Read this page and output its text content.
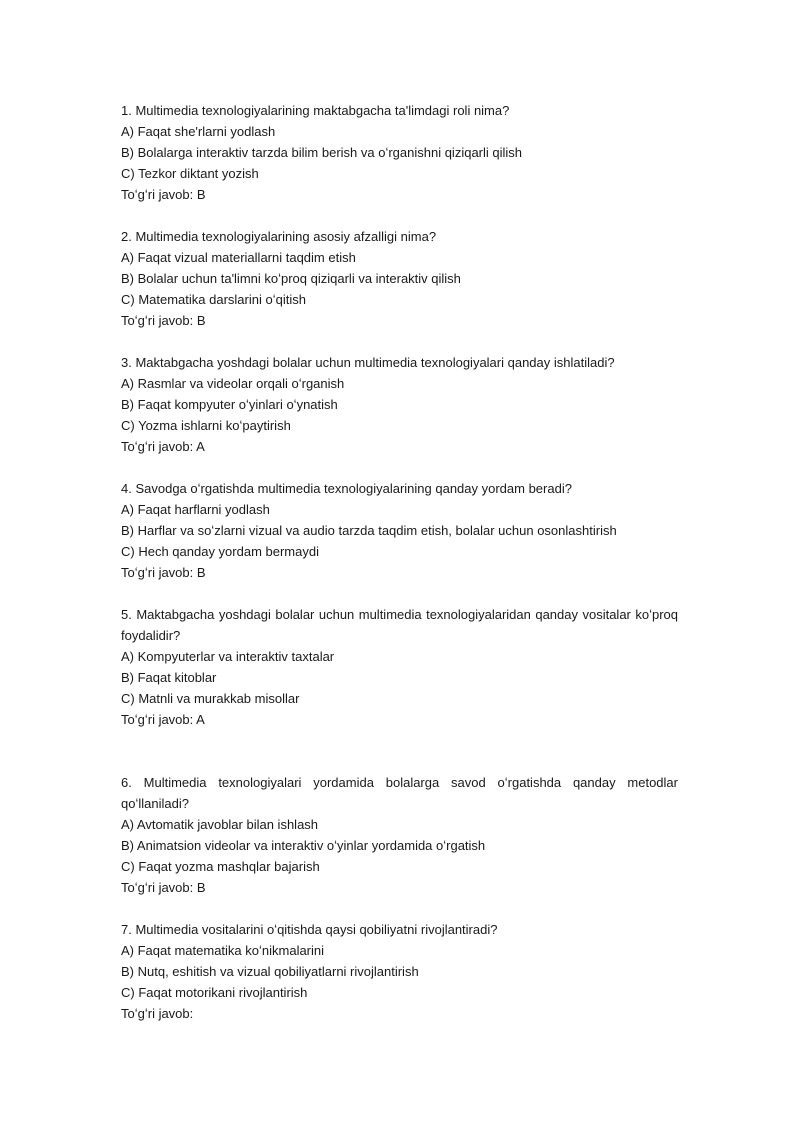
1. Multimedia texnologiyalarining maktabgacha ta'limdagi roli nima?
A) Faqat she'rlarni yodlash
B) Bolalarga interaktiv tarzda bilim berish va oʻrganishni qiziqarli qilish
C) Tezkor diktant yozish
Toʻgʻri javob: B
2. Multimedia texnologiyalarining asosiy afzalligi nima?
A) Faqat vizual materiallarni taqdim etish
B) Bolalar uchun ta'limni koʻproq qiziqarli va interaktiv qilish
C) Matematika darslarini oʻqitish
Toʻgʻri javob: B
3. Maktabgacha yoshdagi bolalar uchun multimedia texnologiyalari qanday ishlatiladi?
A) Rasmlar va videolar orqali oʻrganish
B) Faqat kompyuter oʻyinlari oʻynatish
C) Yozma ishlarni koʻpaytirish
Toʻgʻri javob: A
4. Savodga oʻrgatishda multimedia texnologiyalarining qanday yordam beradi?
A) Faqat harflarni yodlash
B) Harflar va soʻzlarni vizual va audio tarzda taqdim etish, bolalar uchun osonlashtirish
C) Hech qanday yordam bermaydi
Toʻgʻri javob: B
5. Maktabgacha yoshdagi bolalar uchun multimedia texnologiyalaridan qanday vositalar koʻproq
foydalidir?
A) Kompyuterlar va interaktiv taxtalar
B) Faqat kitoblar
C) Matnli va murakkab misollar
Toʻgʻri javob: A
6. Multimedia texnologiyalari yordamida bolalarga savod oʻrgatishda qanday metodlar
qoʻllaniladi?
A) Avtomatik javoblar bilan ishlash
B) Animatsion videolar va interaktiv oʻyinlar yordamida oʻrgatish
C) Faqat yozma mashqlar bajarish
Toʻgʻri javob: B
7. Multimedia vositalarini oʻqitishda qaysi qobiliyatni rivojlantiradi?
A) Faqat matematika koʻnikmalarini
B) Nutq, eshitish va vizual qobiliyatlarni rivojlantirish
C) Faqat motorikani rivojlantirish
Toʻgʻri javob:
